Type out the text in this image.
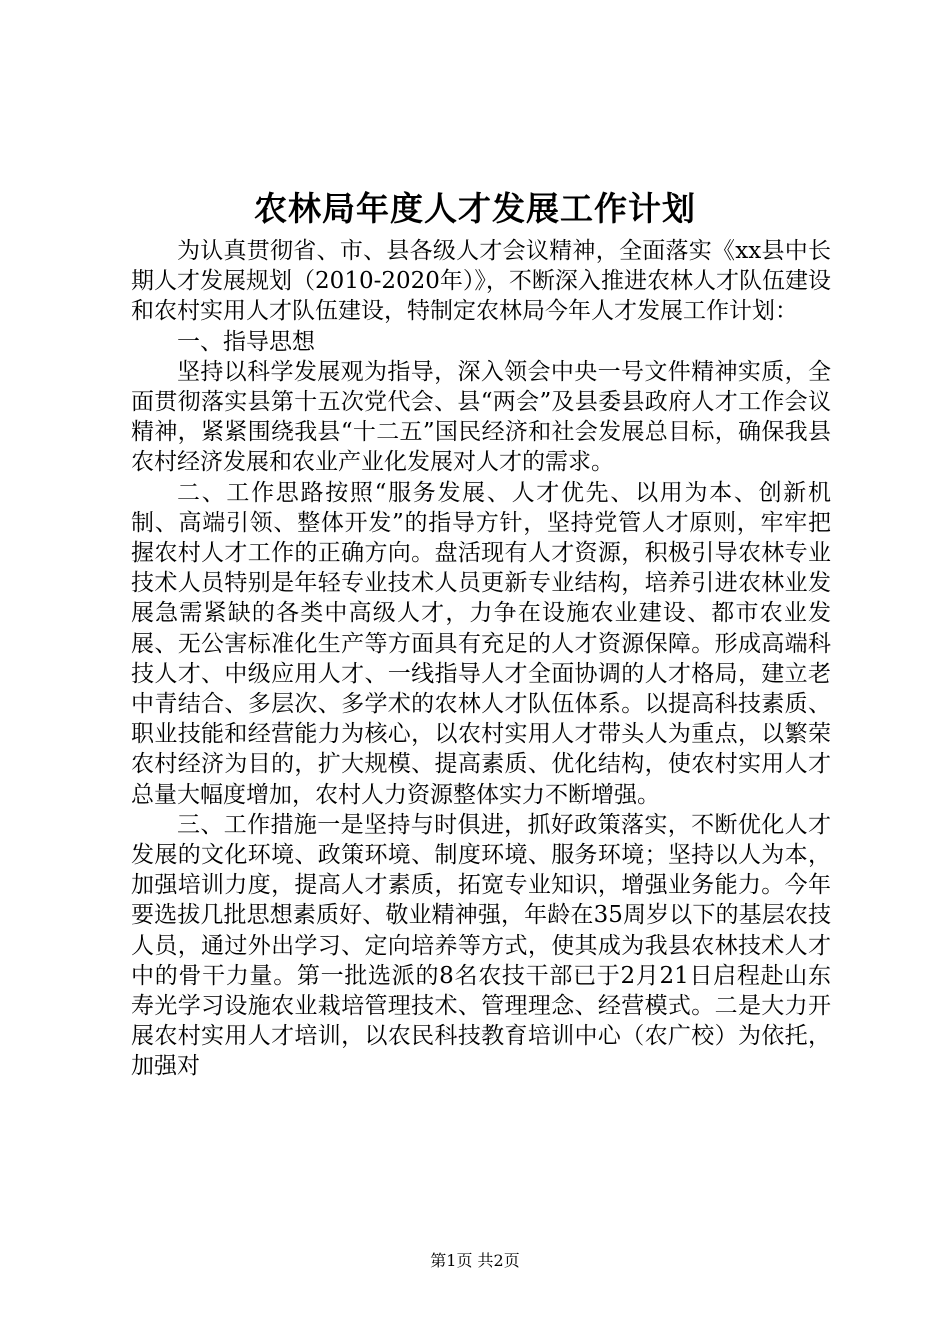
农林局年度人才发展工作计划

为认真贯彻省、市、县各级人才会议精神，全面落实《xx县中长期人才发展规划（2010-2020年）》，不断深入推进农林人才队伍建设和农村实用人才队伍建设，特制定农林局今年人才发展工作计划：

一、指导思想

坚持以科学发展观为指导，深入领会中央一号文件精神实质，全面贯彻落实县第十五次党代会、县“两会”及县委县政府人才工作会议精神，紧紧围绕我县“十二五”国民经济和社会发展总目标，确保我县农村经济发展和农业产业化发展对人才的需求。

二、工作思路按照“服务发展、人才优先、以用为本、创新机制、高端引领、整体开发”的指导方针，坚持党管人才原则，牢牢把握农村人才工作的正确方向。盘活现有人才资源，积极引导农林专业技术人员特别是年轻专业技术人员更新专业结构，培养引进农林业发展急需紧缺的各类中高级人才，力争在设施农业建设、都市农业发展、无公害标准化生产等方面具有充足的人才资源保障。形成高端科技人才、中级应用人才、一线指导人才全面协调的人才格局，建立老中青结合、多层次、多学术的农林人才队伍体系。以提高科技素质、职业技能和经营能力为核心，以农村实用人才带头人为重点，以繁荣农村经济为目的，扩大规模、提高素质、优化结构，使农村实用人才总量大幅度增加，农村人力资源整体实力不断增强。

三、工作措施一是坚持与时俱进，抓好政策落实，不断优化人才发展的文化环境、政策环境、制度环境、服务环境；坚持以人为本，加强培训力度，提高人才素质，拓宽专业知识，增强业务能力。今年要选拔几批思想素质好、敬业精神强，年龄在35周岁以下的基层农技人员，通过外出学习、定向培养等方式，使其成为我县农林技术人才中的骨干力量。第一批选派的8名农技干部已于2月21日启程赴山东寿光学习设施农业栽培管理技术、管理理念、经营模式。二是大力开展农村实用人才培训，以农民科技教育培训中心（农广校）为依托，加强对

第1页 共2页
